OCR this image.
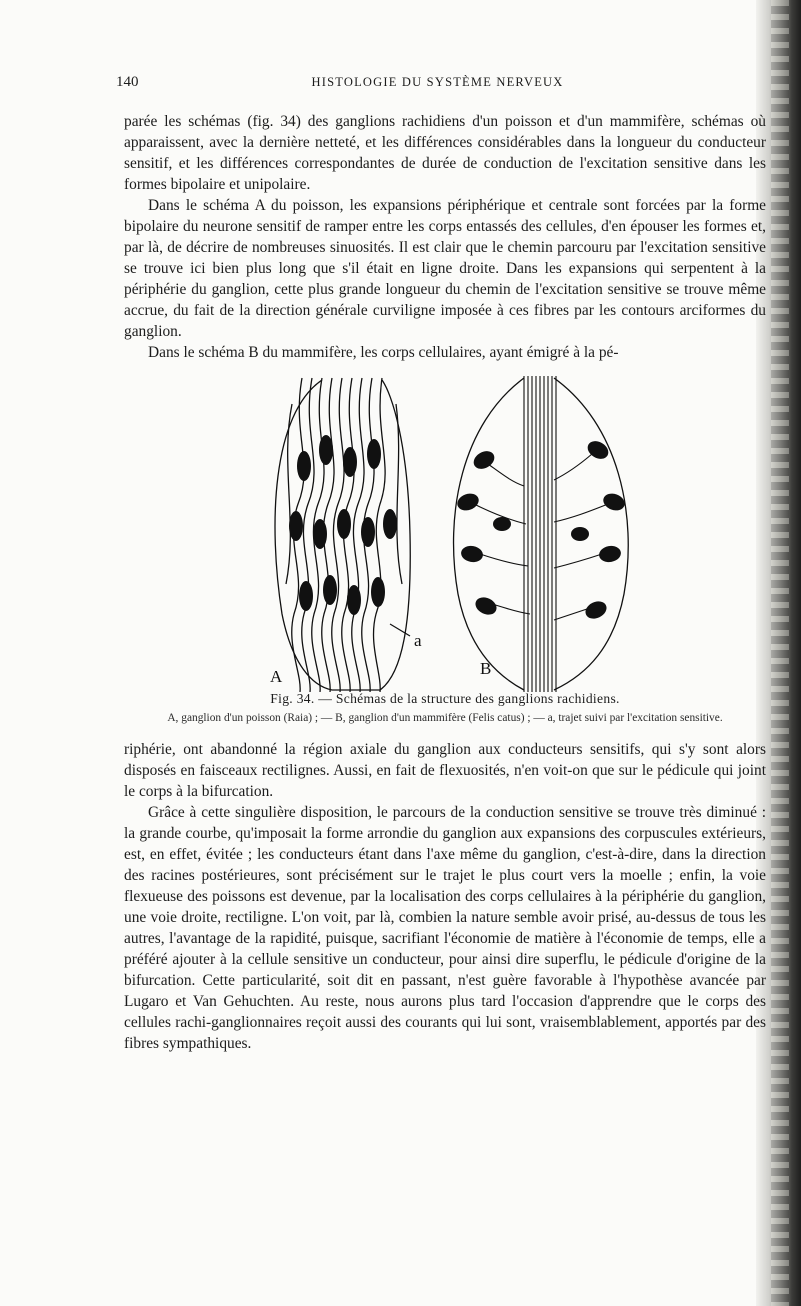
140	HISTOLOGIE DU SYSTÈME NERVEUX

parée les schémas (fig. 34) des ganglions rachidiens d'un poisson et d'un mammifère, schémas où apparaissent, avec la dernière netteté, et les différences considérables dans la longueur du conducteur sensitif, et les différences correspondantes de durée de conduction de l'excitation sensitive dans les formes bipolaire et unipolaire.

Dans le schéma A du poisson, les expansions périphérique et centrale sont forcées par la forme bipolaire du neurone sensitif de ramper entre les corps entassés des cellules, d'en épouser les formes et, par là, de décrire de nombreuses sinuosités. Il est clair que le chemin parcouru par l'excitation sensitive se trouve ici bien plus long que s'il était en ligne droite. Dans les expansions qui serpentent à la périphérie du ganglion, cette plus grande longueur du chemin de l'excitation sensitive se trouve même accrue, du fait de la direction générale curviligne imposée à ces fibres par les contours arciformes du ganglion.

Dans le schéma B du mammifère, les corps cellulaires, ayant émigré à la pé-

a
A	B
Fig. 34. — Schémas de la structure des ganglions rachidiens.
A, ganglion d'un poisson (Raia) ; — B, ganglion d'un mammifère (Felis catus) ; — a, trajet suivi par l'excitation sensitive.

riphérie, ont abandonné la région axiale du ganglion aux conducteurs sensitifs, qui s'y sont alors disposés en faisceaux rectilignes. Aussi, en fait de flexuosités, n'en voit-on que sur le pédicule qui joint le corps à la bifurcation.

Grâce à cette singulière disposition, le parcours de la conduction sensitive se trouve très diminué : la grande courbe, qu'imposait la forme arrondie du ganglion aux expansions des corpuscules extérieurs, est, en effet, évitée ; les conducteurs étant dans l'axe même du ganglion, c'est-à-dire, dans la direction des racines postérieures, sont précisément sur le trajet le plus court vers la moelle ; enfin, la voie flexueuse des poissons est devenue, par la localisation des corps cellulaires à la périphérie du ganglion, une voie droite, rectiligne. L'on voit, par là, combien la nature semble avoir prisé, au-dessus de tous les autres, l'avantage de la rapidité, puisque, sacrifiant l'économie de matière à l'économie de temps, elle a préféré ajouter à la cellule sensitive un conducteur, pour ainsi dire superflu, le pédicule d'origine de la bifurcation. Cette particularité, soit dit en passant, n'est guère favorable à l'hypothèse avancée par Lugaro et Van Gehuchten. Au reste, nous aurons plus tard l'occasion d'apprendre que le corps des cellules rachi-ganglionnaires reçoit aussi des courants qui lui sont, vraisemblablement, apportés par des fibres sympathiques.
